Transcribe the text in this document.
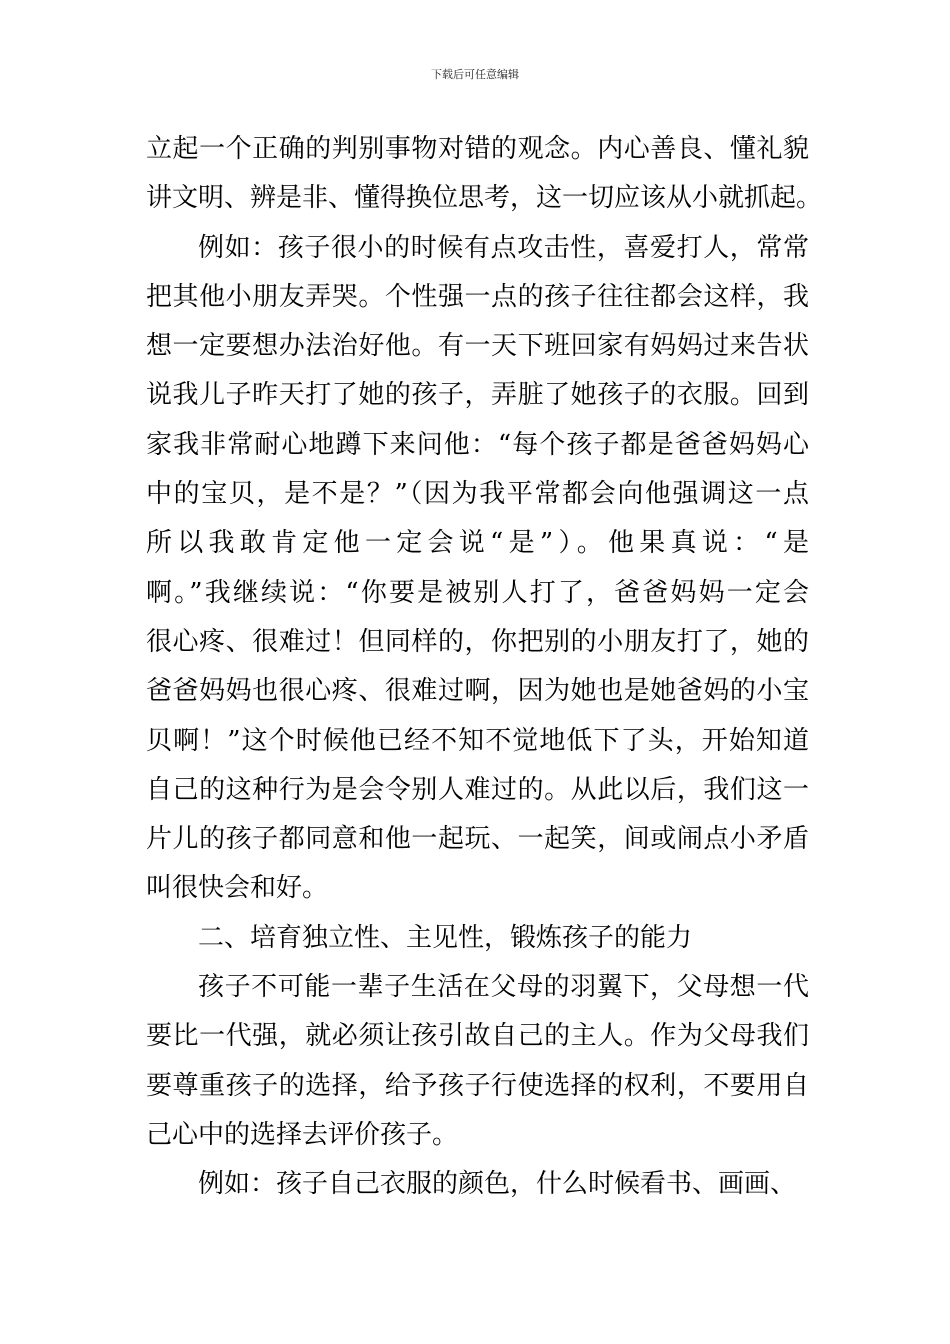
下载后可任意编辑
立起一个正确的判别事物对错的观念。内心善良、懂礼貌
讲文明、辨是非、懂得换位思考，这一切应该从小就抓起。
例如：孩子很小的时候有点攻击性，喜爱打人，常常
把其他小朋友弄哭。个性强一点的孩子往往都会这样，我
想一定要想办法治好他。有一天下班回家有妈妈过来告状
说我儿子昨天打了她的孩子，弄脏了她孩子的衣服。回到
家我非常耐心地蹲下来问他：“每个孩子都是爸爸妈妈心
中的宝贝，是不是？”（因为我平常都会向他强调这一点
所以我敢肯定他一定会说“是”）。他果真说：“是
啊。”我继续说：“你要是被别人打了，爸爸妈妈一定会
很心疼、很难过！但同样的，你把别的小朋友打了，她的
爸爸妈妈也很心疼、很难过啊，因为她也是她爸妈的小宝
贝啊！”这个时候他已经不知不觉地低下了头，开始知道
自己的这种行为是会令别人难过的。从此以后，我们这一
片儿的孩子都同意和他一起玩、一起笑，间或闹点小矛盾
叫很快会和好。
二、培育独立性、主见性，锻炼孩子的能力
孩子不可能一辈子生活在父母的羽翼下，父母想一代
要比一代强，就必须让孩引故自己的主人。作为父母我们
要尊重孩子的选择，给予孩子行使选择的权利，不要用自
己心中的选择去评价孩子。
例如：孩子自己衣服的颜色，什么时候看书、画画、
